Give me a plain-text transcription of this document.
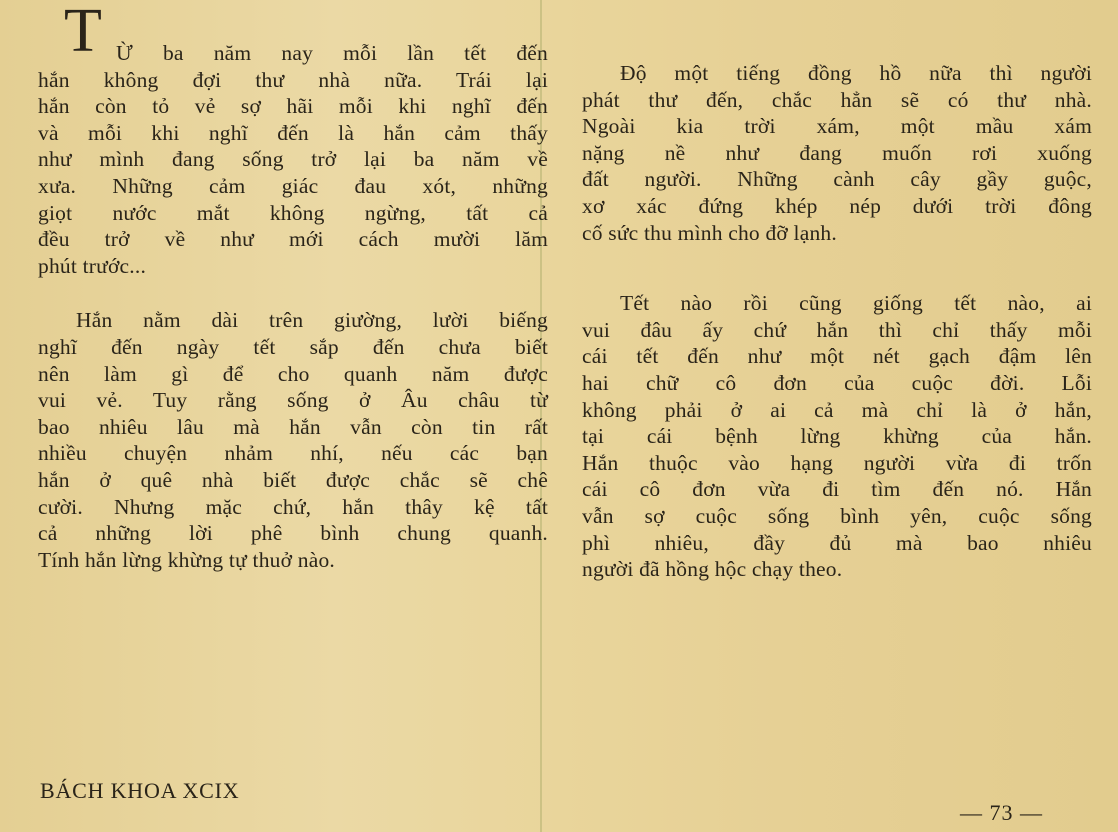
T Ừ ba năm nay mỗi lần tết đến
hắn không đợi thư nhà nữa. Trái lại
hắn còn tỏ vẻ sợ hãi mỗi khi nghĩ đến
và mỗi khi nghĩ đến là hắn cảm thấy
như mình đang sống trở lại ba năm về
xưa. Những cảm giác đau xót, những
giọt nước mắt không ngừng, tất cả
đều trở về như mới cách mười lăm
phút trước...
Hắn nằm dài trên giường, lười biếng
nghĩ đến ngày tết sắp đến chưa biết
nên làm gì để cho quanh năm được
vui vẻ. Tuy rằng sống ở Âu châu từ
bao nhiêu lâu mà hắn vẫn còn tin rất
nhiều chuyện nhảm nhí, nếu các bạn
hắn ở quê nhà biết được chắc sẽ chê
cười. Nhưng mặc chứ, hắn thây kệ tất
cả những lời phê bình chung quanh.
Tính hắn lừng khừng tự thuở nào.
Độ một tiếng đồng hồ nữa thì người
phát thư đến, chắc hẳn sẽ có thư nhà.
Ngoài kia trời xám, một mầu xám
nặng nề như đang muốn rơi xuống
đất người. Những cành cây gầy guộc,
xơ xác đứng khép nép dưới trời đông
cố sức thu mình cho đỡ lạnh.
Tết nào rồi cũng giống tết nào, ai
vui đâu ấy chứ hắn thì chỉ thấy mỗi
cái tết đến như một nét gạch đậm lên
hai chữ cô đơn của cuộc đời. Lỗi
không phải ở ai cả mà chỉ là ở hắn,
tại cái bệnh lừng khừng của hắn.
Hắn thuộc vào hạng người vừa đi trốn
cái cô đơn vừa đi tìm đến nó. Hắn
vẫn sợ cuộc sống bình yên, cuộc sống
phì nhiêu, đầy đủ mà bao nhiêu
người đã hồng hộc chạy theo.
BÁCH KHOA XCIX
— 73 —
